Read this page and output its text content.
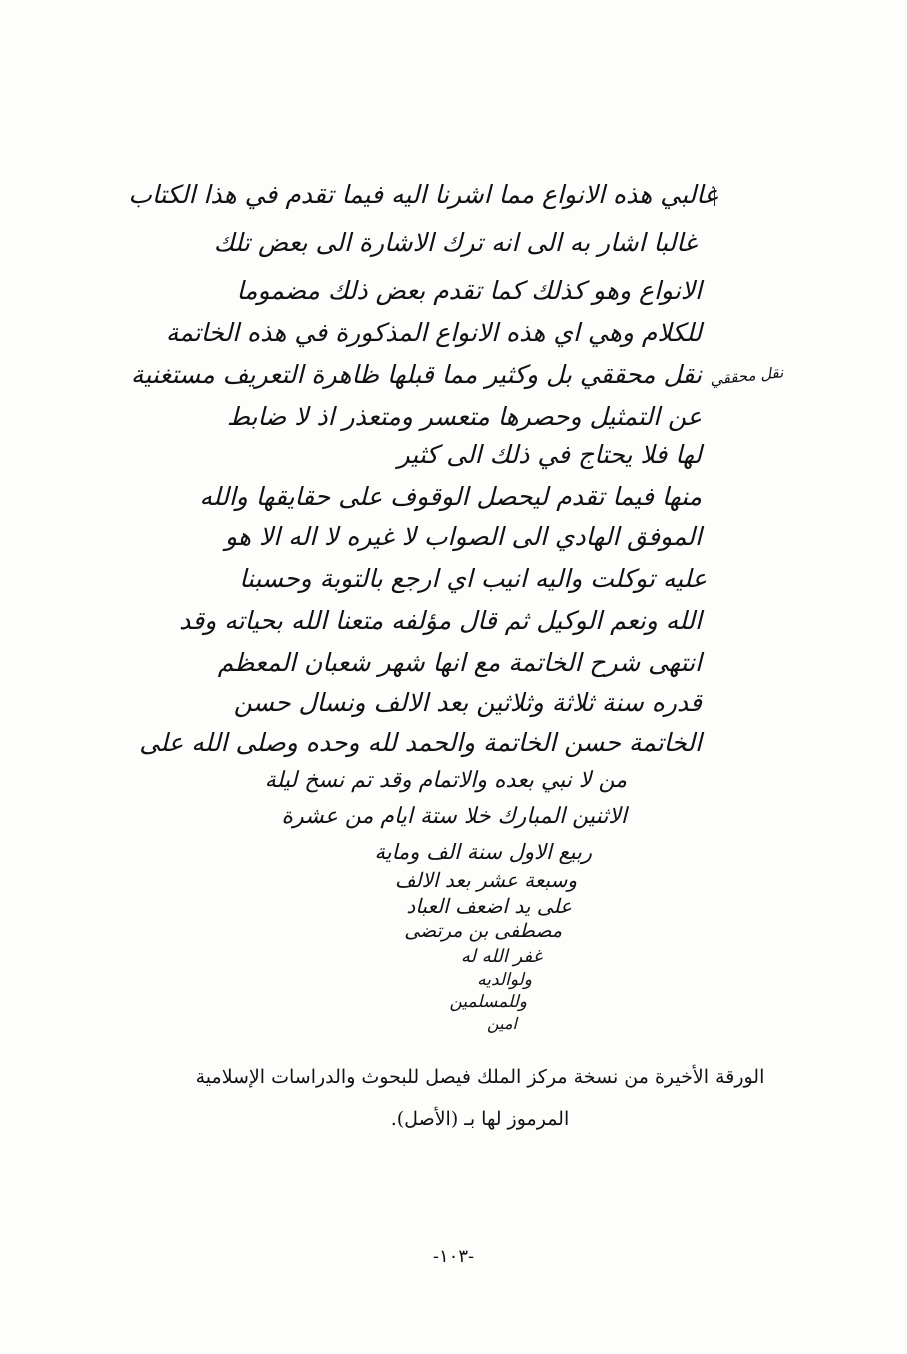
غالبي هذه الانواع مما اشرنا اليه فيما تقدم في هذا الكتاب
غالبا اشار به الى انه ترك الاشارة الى بعض تلك
الانواع وهو كذلك كما تقدم بعض ذلك مضموما
للكلام وهي اي هذه الانواع المذكورة في هذه الخاتمة
نقل محققي بل وكثير مما قبلها ظاهرة التعريف مستغنية
عن التمثيل وحصرها متعسر ومتعذر اذ لا ضابط
لها فلا يحتاج في ذلك الى كثير
منها فيما تقدم ليحصل الوقوف على حقايقها والله
الموفق الهادي الى الصواب لا غيره لا اله الا هو
عليه توكلت واليه انيب اي ارجع بالتوبة وحسبنا
الله ونعم الوكيل ثم قال مؤلفه متعنا الله بحياته وقد
انتهى شرح الخاتمة مع انها شهر شعبان المعظم
قدره سنة ثلاثة وثلاثين بعد الالف ونسال حسن
الخاتمة حسن الخاتمة والحمد لله وحده وصلى الله على
من لا نبي بعده والاتمام وقد تم نسخ ليلة
الاثنين المبارك خلا ستة ايام من عشرة
ربيع الاول سنة الف وماية
وسبعة عشر بعد الالف
على يد اضعف العباد
مصطفى بن مرتضى
غفر الله له
ولوالديه
وللمسلمين
امين
نقل محققي
الورقة الأخيرة من نسخة مركز الملك فيصل للبحوث والدراسات الإسلامية
المرموز لها بـ (الأصل).
-١٠٣-
